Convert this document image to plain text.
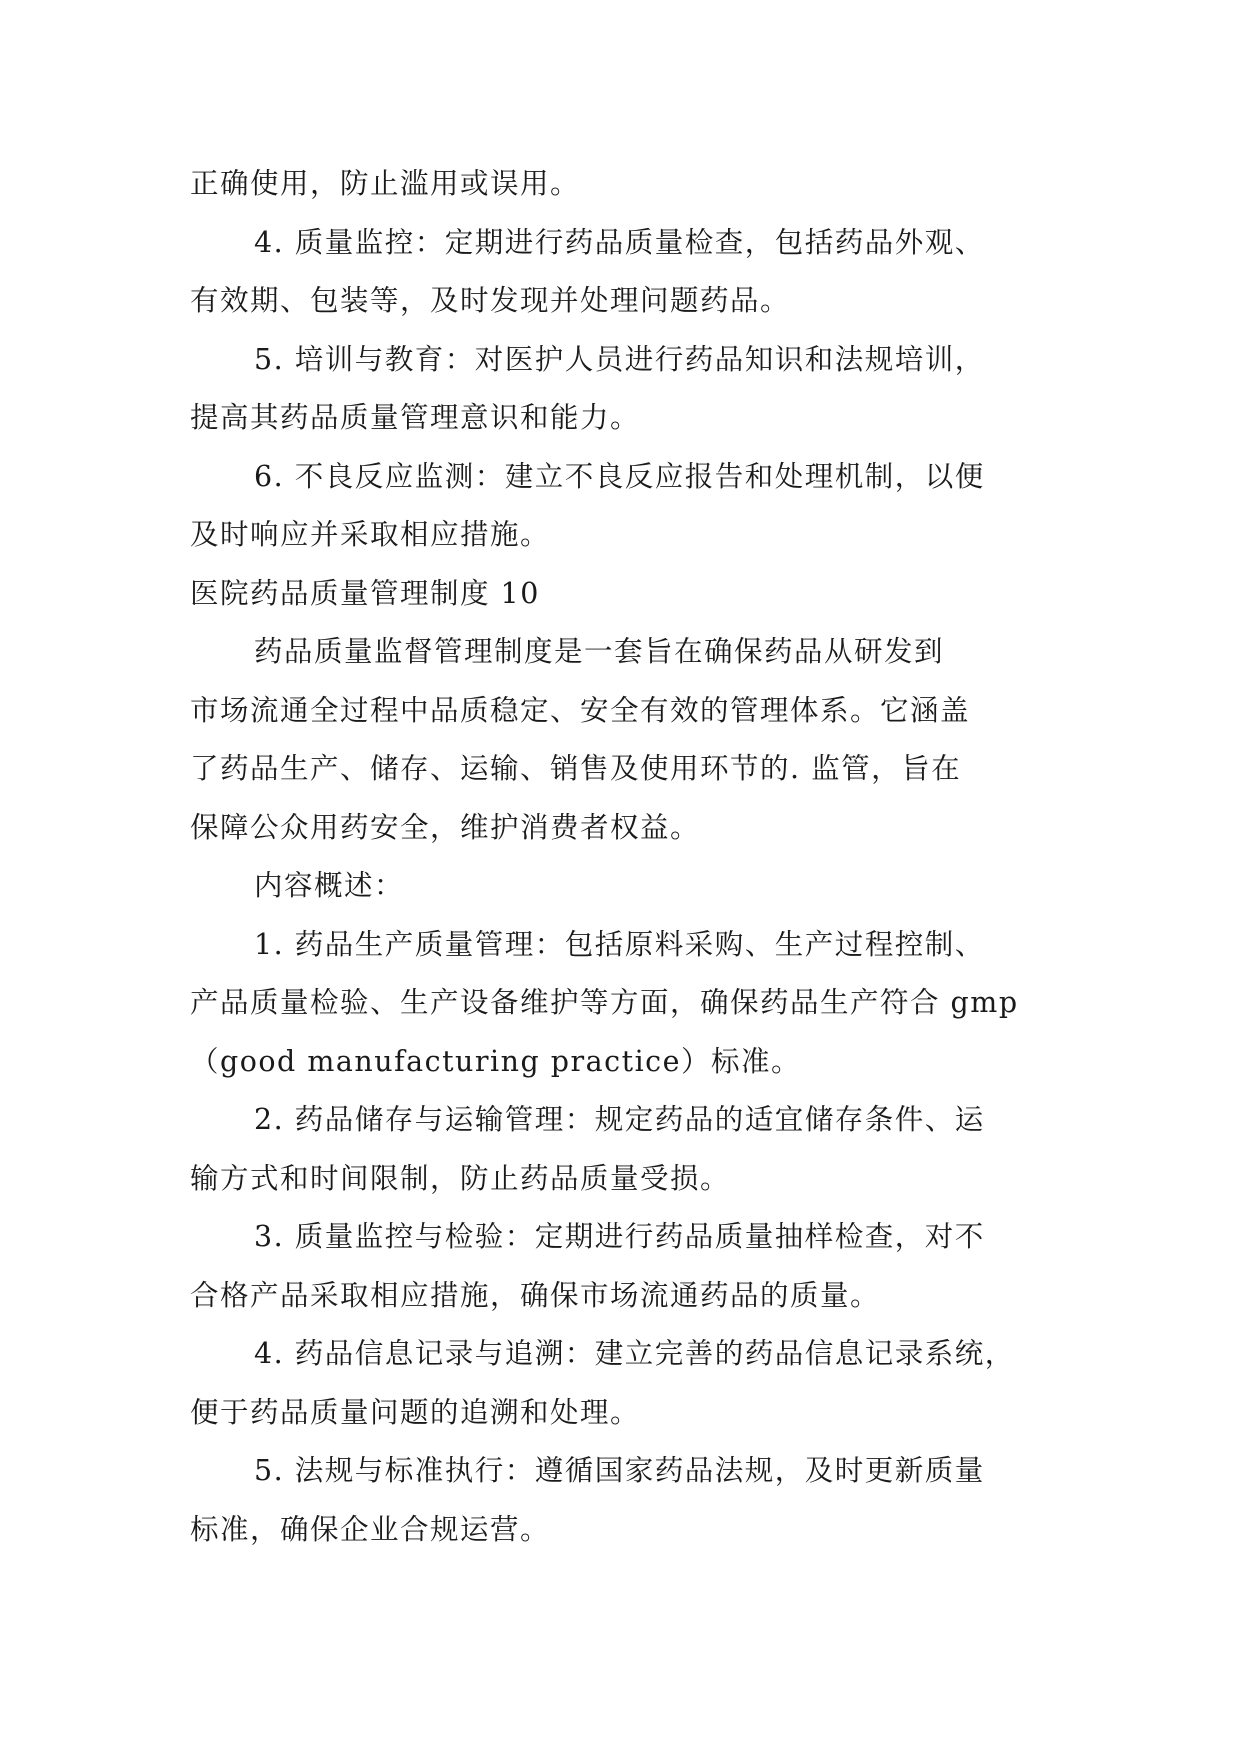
正确使用，防止滥用或误用。
4. 质量监控：定期进行药品质量检查，包括药品外观、
有效期、包装等，及时发现并处理问题药品。
5. 培训与教育：对医护人员进行药品知识和法规培训，
提高其药品质量管理意识和能力。
6. 不良反应监测：建立不良反应报告和处理机制，以便
及时响应并采取相应措施。
医院药品质量管理制度 10
药品质量监督管理制度是一套旨在确保药品从研发到
市场流通全过程中品质稳定、安全有效的管理体系。它涵盖
了药品生产、储存、运输、销售及使用环节的. 监管，旨在
保障公众用药安全，维护消费者权益。
内容概述：
1. 药品生产质量管理：包括原料采购、生产过程控制、
产品质量检验、生产设备维护等方面，确保药品生产符合 gmp
（good manufacturing practice）标准。
2. 药品储存与运输管理：规定药品的适宜储存条件、运
输方式和时间限制，防止药品质量受损。
3. 质量监控与检验：定期进行药品质量抽样检查，对不
合格产品采取相应措施，确保市场流通药品的质量。
4. 药品信息记录与追溯：建立完善的药品信息记录系统，
便于药品质量问题的追溯和处理。
5. 法规与标准执行：遵循国家药品法规，及时更新质量
标准，确保企业合规运营。
